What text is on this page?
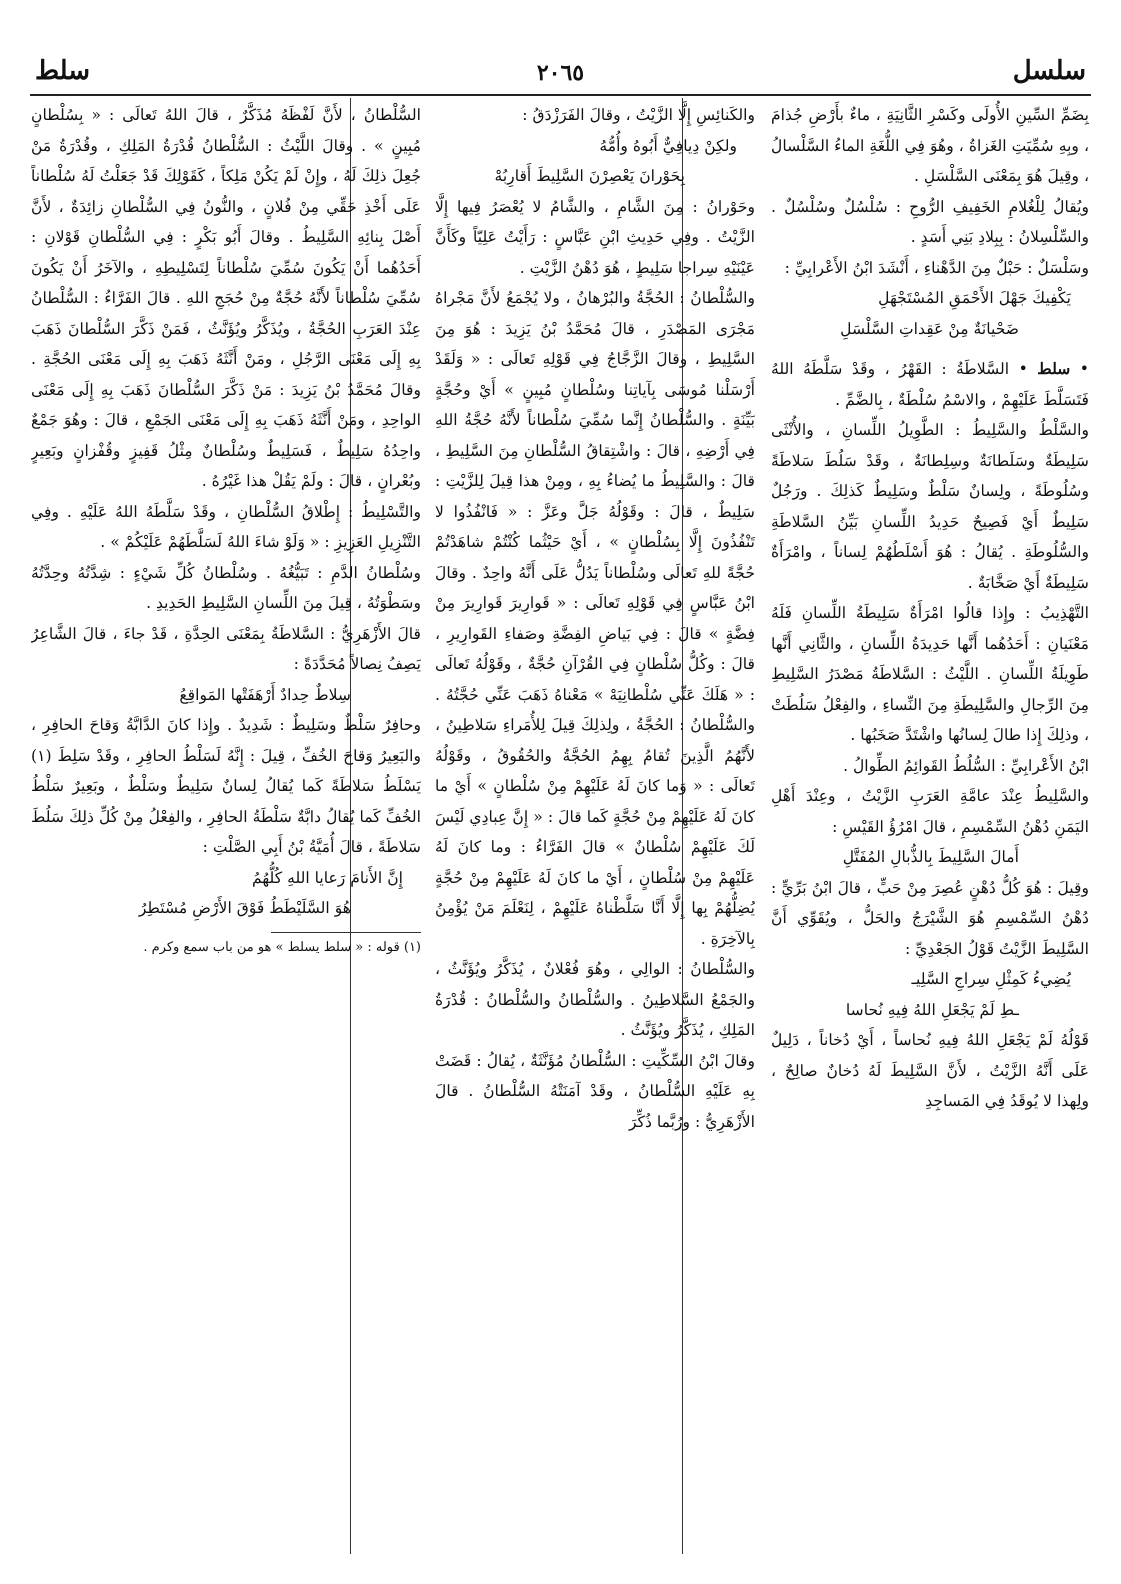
سلسل
٢٠٦٥
سلط

بِضَمِّ السِّينِ الأُولَى وكَسْرِ الثَّانِيَةِ ، ماءٌ بأَرْضِ جُذامَ ، وبِهِ سُمِّيَتِ الغَزاةُ ، وهُوَ فِي اللُّغَةِ الماءُ السَّلْسالُ ، وقِيلَ هُوَ بِمَعْنَى السَّلْسَلِ .

ويُقالُ لِلْغُلامِ الخَفِيفِ الرُّوحِ : سُلْسُلٌ وسُلْسُلٌ . والسِّلْسِلانُ : بِبِلادِ بَنِي أَسَدٍ .

وسَلْسَلٌ : حَبْلٌ مِنَ الدَّهْناءِ ، أَنْشَدَ ابْنُ الأَعْرابِيِّ :

يَكْفِيكَ جَهْلَ الأَحْمَقِ المُسْتَجْهَلِ

ضَحْيانَةٌ مِنْ عَقِداتِ السَّلْسَلِ

• سلط • السَّلاطَةُ : القَهْرُ ، وقَدْ سَلَّطَهُ اللهُ فَتَسَلَّطَ عَلَيْهِمْ ، والاسْمُ سُلْطَةٌ ، بِالضَّمِّ .

والسَّلْطُ والسَّلِيطُ : الطَّوِيلُ اللِّسانِ ، والأُنْثَى سَلِيطَةٌ وسَلَطانَةٌ وسِلِطانَةٌ ، وقَدْ سَلُطَ سَلاطَةً وسُلُوطَةً ، ولِسانٌ سَلْطٌ وسَلِيطٌ كَذلِكَ . ورَجُلٌ سَلِيطٌ أَيْ فَصِيحٌ حَدِيدُ اللِّسانِ بَيِّنُ السَّلاطَةِ والسُّلُوطَةِ . يُقالُ : هُوَ أَسْلَطُهُمْ لِساناً ، وامْرَأَةٌ سَلِيطَةٌ أَيْ صَخَّابَةٌ .

التَّهْذِيبُ : وإِذا قالُوا امْرَأَةٌ سَلِيطَةُ اللِّسانِ فَلَهُ مَعْنَيانِ : أَحَدُهُما أَنَّها حَدِيدَةُ اللِّسانِ ، والثَّانِي أَنَّها طَوِيلَةُ اللِّسانِ . اللَّيْثُ : السَّلاطَةُ مَصْدَرُ السَّلِيطِ مِنَ الرِّجالِ والسَّلِيطَةِ مِنَ النِّساءِ ، والفِعْلُ سَلُطَتْ ، وذلِكَ إِذا طالَ لِسانُها واشْتَدَّ صَخَبُها .

ابْنُ الأَعْرابِيِّ : السُّلُطُ القَوائِمُ الطِّوالُ .

والسَّلِيطُ عِنْدَ عامَّةِ العَرَبِ الزَّيْتُ ، وعِنْدَ أَهْلِ اليَمَنِ دُهْنُ السِّمْسِمِ ، قالَ امْرُؤُ القَيْسِ :

أَمالَ السَّلِيطَ بِالذُّبالِ المُفَتَّلِ

وقِيلَ : هُوَ كُلُّ دُهْنٍ عُصِرَ مِنْ حَبٍّ ، قالَ ابْنُ بَرِّيٍّ : دُهْنُ السِّمْسِمِ هُوَ الشَّيْرَجُ والحَلُّ ، ويُقَوِّي أَنَّ السَّلِيطَ الزَّيْتُ قَوْلُ الجَعْدِيِّ :

يُضِيءُ كَمِثْلِ سِراجِ السَّلِيـ

ـطِ لَمْ يَجْعَلِ اللهُ فِيهِ نُحاسا

قَوْلُهُ لَمْ يَجْعَلِ اللهُ فِيهِ نُحاساً ، أَيْ دُخاناً ، دَلِيلٌ عَلَى أَنَّهُ الزَّيْتُ ، لأَنَّ السَّلِيطَ لَهُ دُخانٌ صالِحٌ ، ولِهذا لا يُوقَدُ فِي المَساجِدِ

والكَنائِسِ إِلَّا الزَّيْتُ ، وقالَ الفَرَزْدَقُ :

ولكِنْ دِيافِيٌّ أَبُوهُ وأُمُّهُ

بِحَوْرانَ يَعْصِرْنَ السَّلِيطَ أَقارِبُهْ

وحَوْرانُ : مِنَ الشَّامِ ، والشَّامُ لا يُعْصَرُ فِيها إِلَّا الزَّيْتُ . وفِي حَدِيثِ ابْنِ عَبَّاسٍ : رَأَيْتُ عَلِيّاً وكَأَنَّ عَيْنَيْهِ سِراجا سَلِيطٍ ، هُوَ دُهْنُ الزَّيْتِ .

والسُّلْطانُ : الحُجَّةُ والبُرْهانُ ، ولا يُجْمَعُ لأَنَّ مَجْراهُ مَجْرَى المَصْدَرِ ، قالَ مُحَمَّدُ بْنُ يَزِيدَ : هُوَ مِنَ السَّلِيطِ ، وقالَ الزَّجَّاجُ فِي قَوْلِهِ تَعالَى : « وَلَقَدْ أَرْسَلْنا مُوسَى بِآياتِنا وسُلْطانٍ مُبِينٍ » أَيْ وحُجَّةٍ بَيِّنَةٍ . والسُّلْطانُ إِنَّما سُمِّيَ سُلْطاناً لأَنَّهُ حُجَّةُ اللهِ فِي أَرْضِهِ ، قالَ : واشْتِقاقُ السُّلْطانِ مِنَ السَّلِيطِ ، قالَ : والسَّلِيطُ ما يُضاءُ بِهِ ، ومِنْ هذا قِيلَ لِلزَّيْتِ : سَلِيطٌ ، قالَ : وقَوْلُهُ جَلَّ وعَزَّ : « فَانْفُذُوا لا تَنْفُذُونَ إِلَّا بِسُلْطانٍ » ، أَيْ حَيْثُما كُنْتُمْ شاهَدْتُمْ حُجَّةً للهِ تَعالَى وسُلْطاناً يَدُلُّ عَلَى أَنَّهُ واحِدٌ . وقالَ ابْنُ عَبَّاسٍ فِي قَوْلِهِ تَعالَى : « قَوارِيرَ قَوارِيرَ مِنْ فِضَّةٍ » قالَ : فِي بَياضِ الفِضَّةِ وصَفاءِ القَوارِيرِ ، قالَ : وكُلُّ سُلْطانٍ فِي القُرْآنِ حُجَّةٌ ، وقَوْلُهُ تَعالَى : « هَلَكَ عَنِّي سُلْطانِيَهْ » مَعْناهُ ذَهَبَ عَنِّي حُجَّتُهُ . والسُّلْطانُ : الحُجَّةُ ، ولِذلِكَ قِيلَ لِلأُمَراءِ سَلاطِينُ ، لأَنَّهُمُ الَّذِينَ تُقامُ بِهِمُ الحُجَّةُ والحُقُوقُ ، وقَوْلُهُ تَعالَى : « وَما كانَ لَهُ عَلَيْهِمْ مِنْ سُلْطانٍ » أَيْ ما كانَ لَهُ عَلَيْهِمْ مِنْ حُجَّةٍ كَما قالَ : « إِنَّ عِبادِي لَيْسَ لَكَ عَلَيْهِمْ سُلْطانٌ » قالَ الفَرَّاءُ : وما كانَ لَهُ عَلَيْهِمْ مِنْ سُلْطانٍ ، أَيْ ما كانَ لَهُ عَلَيْهِمْ مِنْ حُجَّةٍ يُضِلُّهُمْ بِها إِلَّا أَنَّا سَلَّطْناهُ عَلَيْهِمْ ، لِنَعْلَمَ مَنْ يُؤْمِنُ بِالآخِرَةِ .

والسُّلْطانُ : الوالِي ، وهُوَ فُعْلانٌ ، يُذَكَّرُ ويُؤَنَّثُ ، والجَمْعُ السَّلاطِينُ . والسُّلْطانُ والسُّلْطانُ : قُدْرَةُ المَلِكِ ، يُذَكَّرُ ويُؤَنَّثُ .

وقالَ ابْنُ السِّكِّيتِ : السُّلْطانُ مُؤَنَّثَةٌ ، يُقالُ : قَضَتْ بِهِ عَلَيْهِ السُّلْطانُ ، وقَدْ آمَنَتْهُ السُّلْطانُ . قالَ الأَزْهَرِيُّ : ورُبَّما ذُكِّرَ

السُّلْطانُ ، لأَنَّ لَفْظَهُ مُذَكَّرٌ ، قالَ اللهُ تَعالَى : « بِسُلْطانٍ مُبِينٍ » . وقالَ اللَّيْثُ : السُّلْطانُ قُدْرَةُ المَلِكِ ، وقُدْرَةُ مَنْ جُعِلَ ذلِكَ لَهُ ، وإِنْ لَمْ يَكُنْ مَلِكاً ، كَقَوْلِكَ قَدْ جَعَلْتُ لَهُ سُلْطاناً عَلَى أَخْذِ حَقِّي مِنْ فُلانٍ ، والنُّونُ فِي السُّلْطانِ زائِدَةٌ ، لأَنَّ أَصْلَ بِنائِهِ السَّلِيطُ . وقالَ أَبُو بَكْرٍ : فِي السُّلْطانِ قَوْلانِ : أَحَدُهُما أَنْ يَكُونَ سُمِّيَ سُلْطاناً لِتَسْلِيطِهِ ، والآخَرُ أَنْ يَكُونَ سُمِّيَ سُلْطاناً لأَنَّهُ حُجَّةٌ مِنْ حُجَجِ اللهِ . قالَ الفَرَّاءُ : السُّلْطانُ عِنْدَ العَرَبِ الحُجَّةُ ، ويُذَكَّرُ ويُؤَنَّثُ ، فَمَنْ ذَكَّرَ السُّلْطانَ ذَهَبَ بِهِ إِلَى مَعْنَى الرَّجُلِ ، ومَنْ أَنَّثَهُ ذَهَبَ بِهِ إِلَى مَعْنَى الحُجَّةِ . وقالَ مُحَمَّدُ بْنُ يَزِيدَ : مَنْ ذَكَّرَ السُّلْطانَ ذَهَبَ بِهِ إِلَى مَعْنَى الواحِدِ ، ومَنْ أَنَّثَهُ ذَهَبَ بِهِ إِلَى مَعْنَى الجَمْعِ ، قالَ : وهُوَ جَمْعٌ واحِدُهُ سَلِيطٌ ، فَسَلِيطٌ وسُلْطانٌ مِثْلُ قَفِيزٍ وقُفْزانٍ وبَعِيرٍ وبُعْرانٍ ، قالَ : ولَمْ يَقُلْ هذا غَيْرُهُ .

والتَّسْلِيطُ : إِطْلاقُ السُّلْطانِ ، وقَدْ سَلَّطَهُ اللهُ عَلَيْهِ . وفِي التَّنْزِيلِ العَزِيزِ : « وَلَوْ شاءَ اللهُ لَسَلَّطَهُمْ عَلَيْكُمْ » .

وسُلْطانُ الدَّمِ : تَبَيُّغُهُ . وسُلْطانُ كُلِّ شَيْءٍ : شِدَّتُهُ وحِدَّتُهُ وسَطْوَتُهُ ، قِيلَ مِنَ اللِّسانِ السَّلِيطِ الحَدِيدِ .

قالَ الأَزْهَرِيُّ : السَّلاطَةُ بِمَعْنَى الحِدَّةِ ، قَدْ جاءَ ، قالَ الشَّاعِرُ يَصِفُ نِصالاً مُحَدَّدَةً :

سِلاطٌ حِدادٌ أَرْهَفَتْها المَواقِعُ

وحافِرٌ سَلْطٌ وسَلِيطٌ : شَدِيدٌ . وإِذا كانَ الدَّابَّةُ وَقاحَ الحافِرِ ، والبَعِيرُ وَقاحَ الخُفِّ ، قِيلَ : إِنَّهُ لَسَلْطُ الحافِرِ ، وقَدْ سَلِطَ (١) يَسْلَطُ سَلاطَةً كَما يُقالُ لِسانٌ سَلِيطٌ وسَلْطٌ ، وبَعِيرٌ سَلْطُ الخُفِّ كَما يُقالُ دابَّةٌ سَلْطَةُ الحافِرِ ، والفِعْلُ مِنْ كُلِّ ذلِكَ سَلُطَ سَلاطَةً ، قالَ أُمَيَّةُ بْنُ أَبِي الصَّلْتِ :

إِنَّ الأَنامَ رَعايا اللهِ كُلُّهُمُ

هُوَ السَّلَيْطَطُ فَوْقَ الأَرْضِ مُسْتَطِرُ

(١) قوله : « سلط يسلط » هو من باب سمع وكرم .
